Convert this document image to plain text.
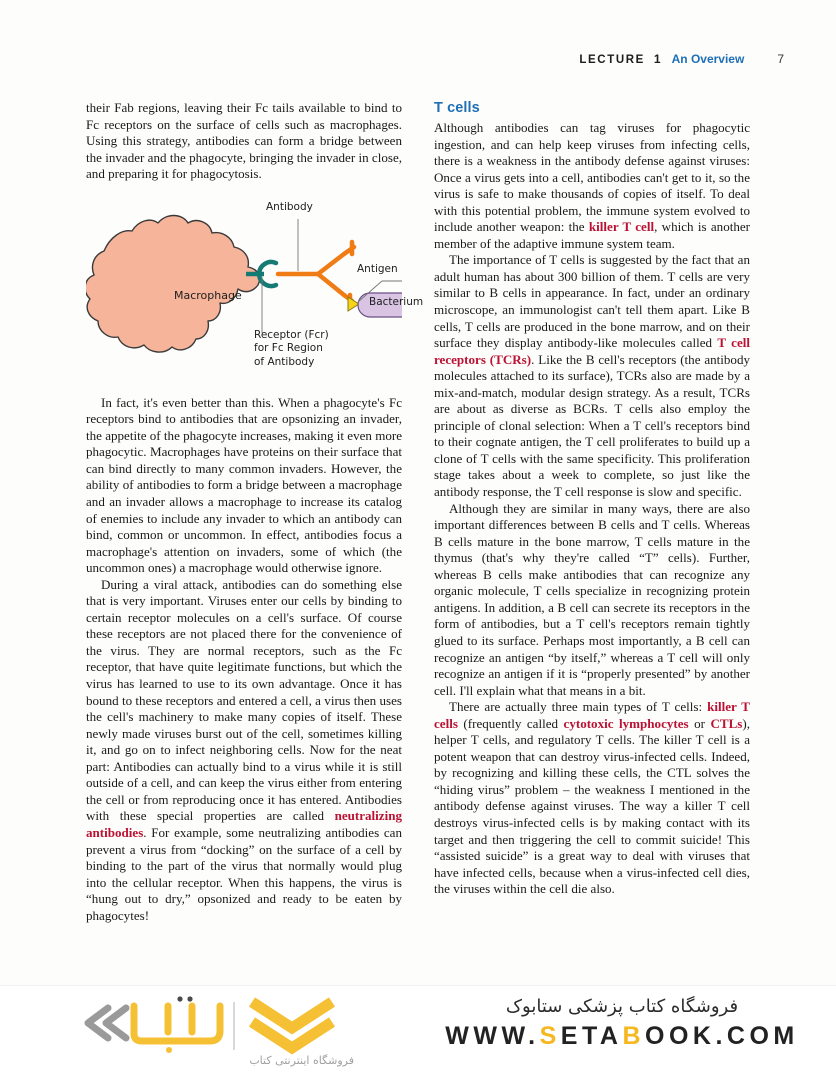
LECTURE 1 An Overview	7

their Fab regions, leaving their Fc tails available to bind to Fc receptors on the surface of cells such as macrophages. Using this strategy, antibodies can form a bridge between the invader and the phagocyte, bringing the invader in close, and preparing it for phagocytosis.

Macrophage
Antibody
Antigen
Bacterium
Receptor (Fcr)
for Fc Region
of Antibody

In fact, it's even better than this. When a phagocyte's Fc receptors bind to antibodies that are opsonizing an invader, the appetite of the phagocyte increases, making it even more phagocytic. Macrophages have proteins on their surface that can bind directly to many common invaders. However, the ability of antibodies to form a bridge between a macrophage and an invader allows a macrophage to increase its catalog of enemies to include any invader to which an antibody can bind, common or uncommon. In effect, antibodies focus a macrophage's attention on invaders, some of which (the uncommon ones) a macrophage would otherwise ignore.

During a viral attack, antibodies can do something else that is very important. Viruses enter our cells by binding to certain receptor molecules on a cell's surface. Of course these receptors are not placed there for the convenience of the virus. They are normal receptors, such as the Fc receptor, that have quite legitimate functions, but which the virus has learned to use to its own advantage. Once it has bound to these receptors and entered a cell, a virus then uses the cell's machinery to make many copies of itself. These newly made viruses burst out of the cell, sometimes killing it, and go on to infect neighboring cells. Now for the neat part: Antibodies can actually bind to a virus while it is still outside of a cell, and can keep the virus either from entering the cell or from reproducing once it has entered. Antibodies with these special properties are called neutralizing antibodies. For example, some neutralizing antibodies can prevent a virus from “docking” on the surface of a cell by binding to the part of the virus that normally would plug into the cellular receptor. When this happens, the virus is “hung out to dry,” opsonized and ready to be eaten by phagocytes!

T cells

Although antibodies can tag viruses for phagocytic ingestion, and can help keep viruses from infecting cells, there is a weakness in the antibody defense against viruses: Once a virus gets into a cell, antibodies can't get to it, so the virus is safe to make thousands of copies of itself. To deal with this potential problem, the immune system evolved to include another weapon: the killer T cell, which is another member of the adaptive immune system team.

The importance of T cells is suggested by the fact that an adult human has about 300 billion of them. T cells are very similar to B cells in appearance. In fact, under an ordinary microscope, an immunologist can't tell them apart. Like B cells, T cells are produced in the bone marrow, and on their surface they display antibody-like molecules called T cell receptors (TCRs). Like the B cell's receptors (the antibody molecules attached to its surface), TCRs also are made by a mix-and-match, modular design strategy. As a result, TCRs are about as diverse as BCRs. T cells also employ the principle of clonal selection: When a T cell's receptors bind to their cognate antigen, the T cell proliferates to build up a clone of T cells with the same specificity. This proliferation stage takes about a week to complete, so just like the antibody response, the T cell response is slow and specific.

Although they are similar in many ways, there are also important differences between B cells and T cells. Whereas B cells mature in the bone marrow, T cells mature in the thymus (that's why they're called “T” cells). Further, whereas B cells make antibodies that can recognize any organic molecule, T cells specialize in recognizing protein antigens. In addition, a B cell can secrete its receptors in the form of antibodies, but a T cell's receptors remain tightly glued to its surface. Perhaps most importantly, a B cell can recognize an antigen “by itself,” whereas a T cell will only recognize an antigen if it is “properly presented” by another cell. I'll explain what that means in a bit.

There are actually three main types of T cells: killer T cells (frequently called cytotoxic lymphocytes or CTLs), helper T cells, and regulatory T cells. The killer T cell is a potent weapon that can destroy virus-infected cells. Indeed, by recognizing and killing these cells, the CTL solves the “hiding virus” problem – the weakness I mentioned in the antibody defense against viruses. The way a killer T cell destroys virus-infected cells is by making contact with its target and then triggering the cell to commit suicide! This “assisted suicide” is a great way to deal with viruses that have infected cells, because when a virus-infected cell dies, the viruses within the cell die also.

فروشگاه اینترنتی کتاب
فروشگاه کتاب پزشکی ستابوک
WWW.SETABOOK.COM
